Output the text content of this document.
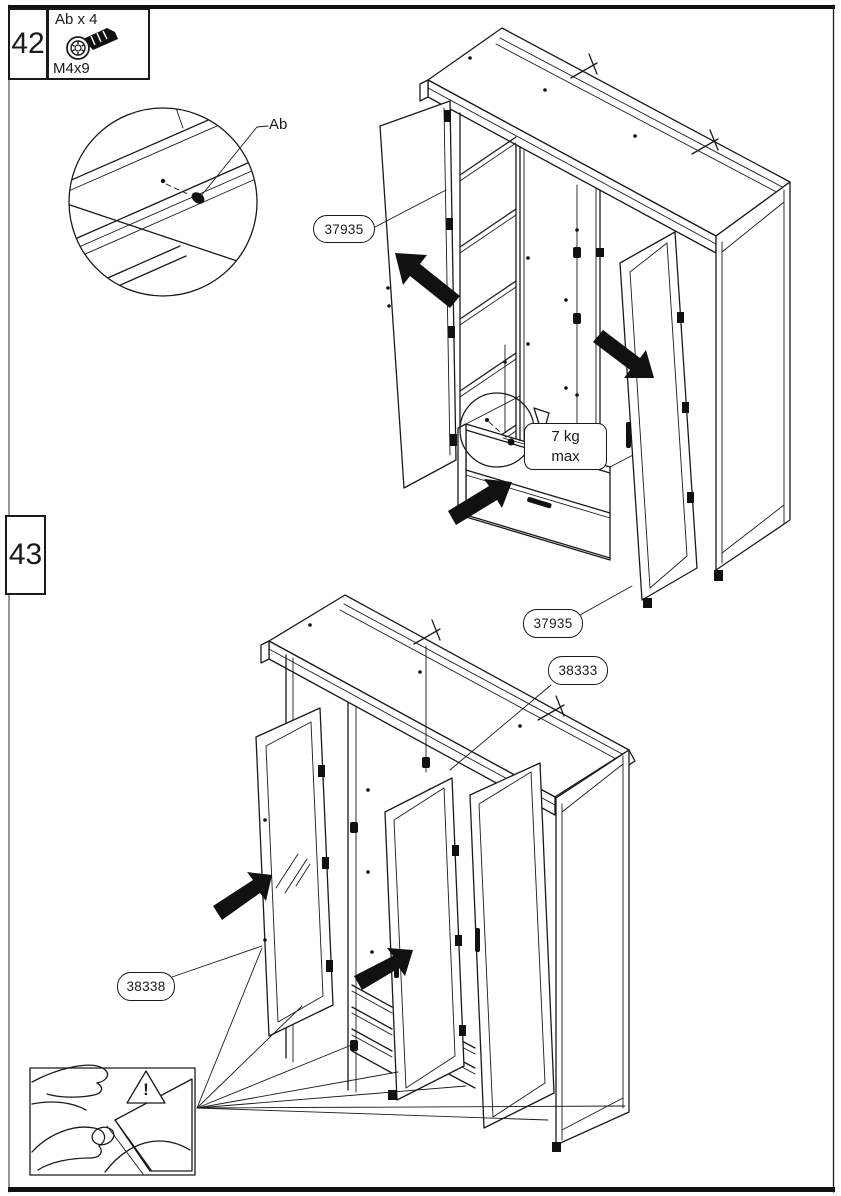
42
Ab x 4
M4x9
43
Ab
37935
37935
38333
38338
7 kg
max
!
